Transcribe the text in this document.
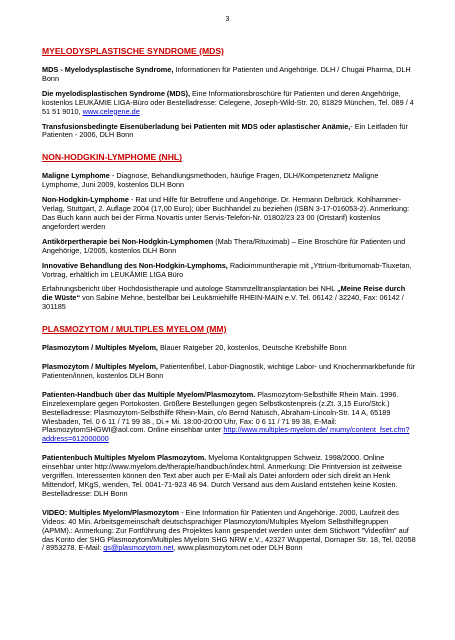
3
MYELODYSPLASTISCHE SYNDROME (MDS)

MDS - Myelodysplastische Syndrome, Informationen für Patienten und Angehörige. DLH / Chugai Pharma, DLH Bonn

Die myelodisplastischen Syndrome (MDS), Eine Informationsbroschüre für Patienten und deren Angehörige, kostenlos LEUKÄMIE LIGA-Büro oder Bestelladresse: Celegene, Joseph-Wild-Str. 20, 81829 München, Tel. 089 / 4 51 51 9010, www.celegene.de

Transfusionsbedingte Eisenüberladung bei Patienten mit MDS oder aplastischer Anämie,- Ein Leitfaden für Patienten - 2006, DLH Bonn

NON-HODGKIN-LYMPHOME (NHL)

Maligne Lymphome - Diagnose, Behandlungsmethoden, häufige Fragen, DLH/Kompetenznetz Maligne Lymphome, Juni 2009, kostenlos DLH Bonn

Non-Hodgkin-Lymphome - Rat und Hilfe für Betroffene und Angehörige. Dr. Hermann Delbrück. Kohlhammer-Verlag, Stuttgart, 2. Auflage 2004 (17,00 Euro); über Buchhandel zu beziehen (ISBN 3-17-016053-2). Anmerkung: Das Buch kann auch bei der Firma Novartis unter Servis-Telefon-Nr. 01802/23 23 00 (Ortstarif) kostenlos angefordert werden

Antikörpertherapie bei Non-Hodgkin-Lymphomen (Mab Thera/Rituximab) – Eine Broschüre für Patienten und Angehörige, 1/2005, kostenlos DLH Bonn

Innovative Behandlung des Non-Hodgkin-Lymphoms, Radioimmuntherapie mit „Yttrium-Ibritumomab-Tiuxetan, Vortrag, erhältlich im LEUKÄMIE LIGA Büro

Erfahrungsbericht über Hochdosistherapie und autologe Stammzelltransplantation bei NHL „Meine Reise durch die Wüste“ von Sabine Mehne, bestellbar bei Leukämiehilfe RHEIN-MAIN e.V. Tel. 06142 / 32240, Fax: 06142 / 301185

PLASMOZYTOM / MULTIPLES MYELOM (MM)

Plasmozytom / Multiples Myelom, Blauer Ratgeber 20, kostenlos, Deutsche Krebshilfe Bonn

Plasmozytom / Multiples Myelom, Patientenfibel, Labor-Diagnostik, wichtige Labor- und Knochenmarkbefunde für Patienten/innen, kostenlos DLH Bonn

Patienten-Handbuch über das Multiple Myelom/Plasmozytom. Plasmozytom-Selbsthilfe Rhein Main. 1996. Einzelexemplare gegen Portokosten. Größere Bestellungen gegen Selbstkostenpreis (z.Zt. 3,15 Euro/Stck.) Bestelladresse: Plasmozytom-Selbsthilfe Rhein-Main, c/o Bernd Natusch, Abraham-Lincoln-Str. 14 A, 65189 Wiesbaden, Tel. 0 6 11 / 71 99 38 , Di.+ Mi. 18:00-20:00 Uhr, Fax: 0 6 11 / 71 99 38, E-Mail: PlasmozytomSHGWI@aol.com. Online einsehbar unter http://www.multiples-myelom.de/ mumy/content_fset.cfm?address=612000000

Patientenbuch Multiples Myelom Plasmozytom. Myeloma Kontaktgruppen Schweiz. 1998/2000. Online einsehbar unter http://www.myelom.de/therapie/handbuch/index.html. Anmerkung: Die Printversion ist zeitweise vergriffen. Interessenten können den Text aber auch per E-Mail als Datei anfordern oder sich direkt an Henk Mittendorf, MKgS, wenden, Tel. 0041-71-923 46 94. Durch Versand aus dem Ausland entstehen keine Kosten. Bestelladresse: DLH Bonn

VIDEO: Multiples Myelom/Plasmozytom - Eine Information für Patienten und Angehörige. 2000, Laufzeit des Videos: 40 Min. Arbeitsgemeinschaft deutschsprachiger Plasmozytom/Multiples Myelom Selbsthilfegruppen (APMM).: Anmerkung: Zur Fortführung des Projektes kann gespendet werden unter dem Stichwort "Videofilm" auf das Konto der SHG Plasmozytom/Multiples Myelom SHG NRW e.V., 42327 Wuppertal, Dornaper Str. 18, Tel. 02058 / 8953278. E-Mail: gs@plasmozytom.net, www.plasmozytom.net oder DLH Bonn
